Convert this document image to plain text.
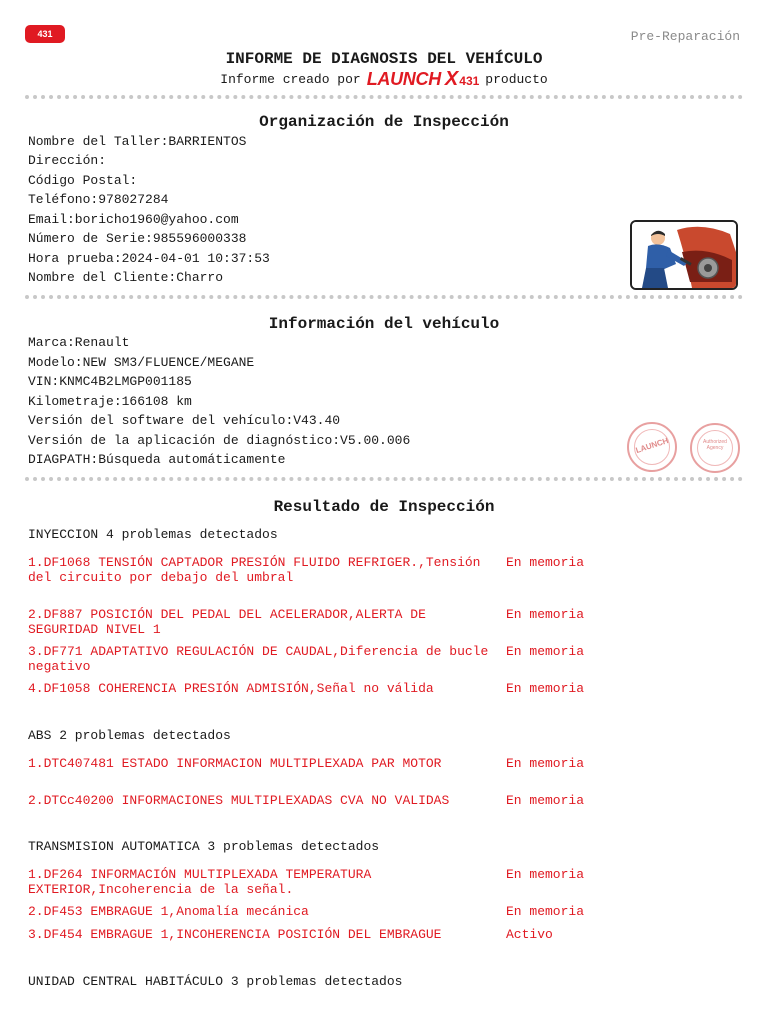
431	Pre-Reparación
INFORME DE DIAGNOSIS DEL VEHÍCULO
Informe creado por LAUNCH X 431 producto
Organización de Inspección
Nombre del Taller:BARRIENTOS
Dirección:
Código Postal:
Teléfono:978027284
Email:boricho1960@yahoo.com
Número de Serie:985596000338
Hora prueba:2024-04-01 10:37:53
Nombre del Cliente:Charro
Información del vehículo
Marca:Renault
Modelo:NEW SM3/FLUENCE/MEGANE
VIN:KNMC4B2LMGP001185
Kilometraje:166108 km
Versión del software del vehículo:V43.40
Versión de la aplicación de diagnóstico:V5.00.006
DIAGPATH:Búsqueda automáticamente
LAUNCH	Authorized Agency
Resultado de Inspección
INYECCION 4 problemas detectados
1.DF1068 TENSIÓN CAPTADOR PRESIÓN FLUIDO REFRIGER.,Tensión del circuito por debajo del umbral
En memoria
2.DF887 POSICIÓN DEL PEDAL DEL ACELERADOR,ALERTA DE SEGURIDAD NIVEL 1
En memoria
3.DF771 ADAPTATIVO REGULACIÓN DE CAUDAL,Diferencia de bucle negativo
En memoria
4.DF1058 COHERENCIA PRESIÓN ADMISIÓN,Señal no válida	En memoria
ABS 2 problemas detectados
1.DTC407481 ESTADO INFORMACION MULTIPLEXADA PAR MOTOR	En memoria
2.DTCc40200 INFORMACIONES MULTIPLEXADAS CVA NO VALIDAS	En memoria
TRANSMISION AUTOMATICA 3 problemas detectados
1.DF264 INFORMACIÓN MULTIPLEXADA TEMPERATURA EXTERIOR,Incoherencia de la señal.
En memoria
2.DF453 EMBRAGUE 1,Anomalía mecánica	En memoria
3.DF454 EMBRAGUE 1,INCOHERENCIA POSICIÓN DEL EMBRAGUE	Activo
UNIDAD CENTRAL HABITÁCULO 3 problemas detectados
